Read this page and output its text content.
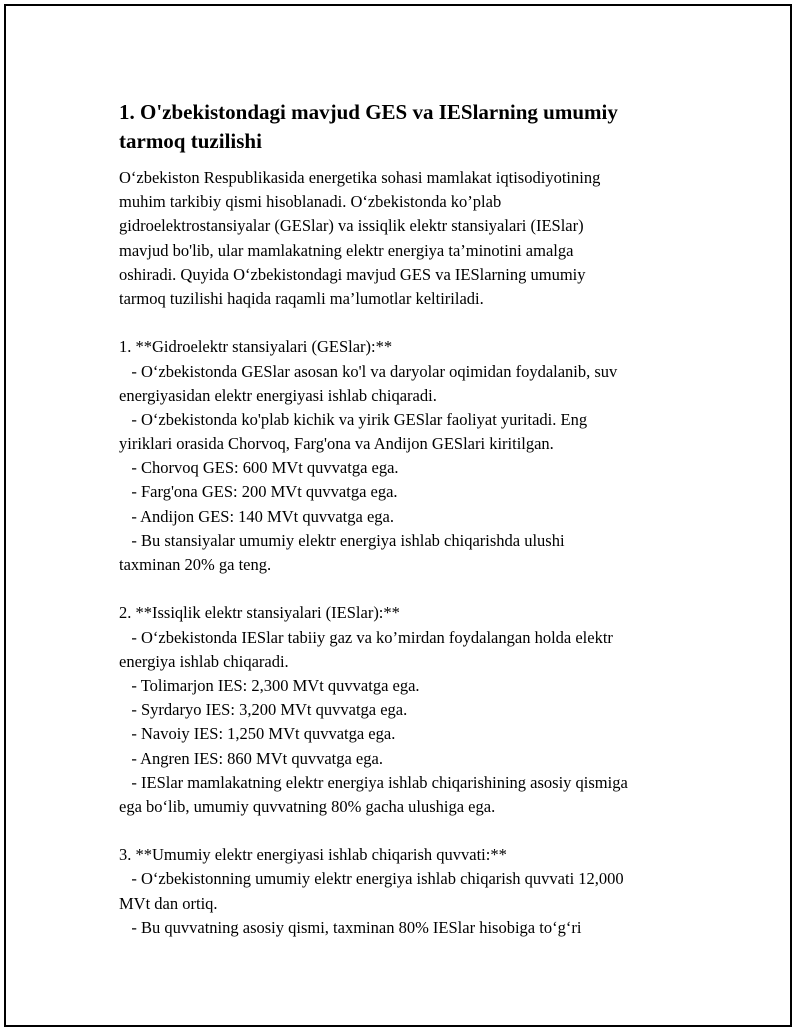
1. O'zbekistondagi mavjud GES va IESlarning umumiy
tarmoq tuzilishi
O‘zbekiston Respublikasida energetika sohasi mamlakat iqtisodiyotining
muhim tarkibiy qismi hisoblanadi. O‘zbekistonda ko’plab
gidroelektrostansiyalar (GESlar) va issiqlik elektr stansiyalari (IESlar)
mavjud bo'lib, ular mamlakatning elektr energiya ta’minotini amalga
oshiradi. Quyida O‘zbekistondagi mavjud GES va IESlarning umumiy
tarmoq tuzilishi haqida raqamli ma’lumotlar keltiriladi.
1. **Gidroelektr stansiyalari (GESlar):**
- O‘zbekistonda GESlar asosan ko'l va daryolar oqimidan foydalanib, suv
energiyasidan elektr energiyasi ishlab chiqaradi.
- O‘zbekistonda ko'plab kichik va yirik GESlar faoliyat yuritadi. Eng
yiriklari orasida Chorvoq, Farg'ona va Andijon GESlari kiritilgan.
- Chorvoq GES: 600 MVt quvvatga ega.
- Farg'ona GES: 200 MVt quvvatga ega.
- Andijon GES: 140 MVt quvvatga ega.
- Bu stansiyalar umumiy elektr energiya ishlab chiqarishda ulushi
taxminan 20% ga teng.
2. **Issiqlik elektr stansiyalari (IESlar):**
- O‘zbekistonda IESlar tabiiy gaz va ko’mirdan foydalangan holda elektr
energiya ishlab chiqaradi.
- Tolimarjon IES: 2,300 MVt quvvatga ega.
- Syrdaryo IES: 3,200 MVt quvvatga ega.
- Navoiy IES: 1,250 MVt quvvatga ega.
- Angren IES: 860 MVt quvvatga ega.
- IESlar mamlakatning elektr energiya ishlab chiqarishining asosiy qismiga
ega bo‘lib, umumiy quvvatning 80% gacha ulushiga ega.
3. **Umumiy elektr energiyasi ishlab chiqarish quvvati:**
- O‘zbekistonning umumiy elektr energiya ishlab chiqarish quvvati 12,000
MVt dan ortiq.
- Bu quvvatning asosiy qismi, taxminan 80% IESlar hisobiga to‘g‘ri
